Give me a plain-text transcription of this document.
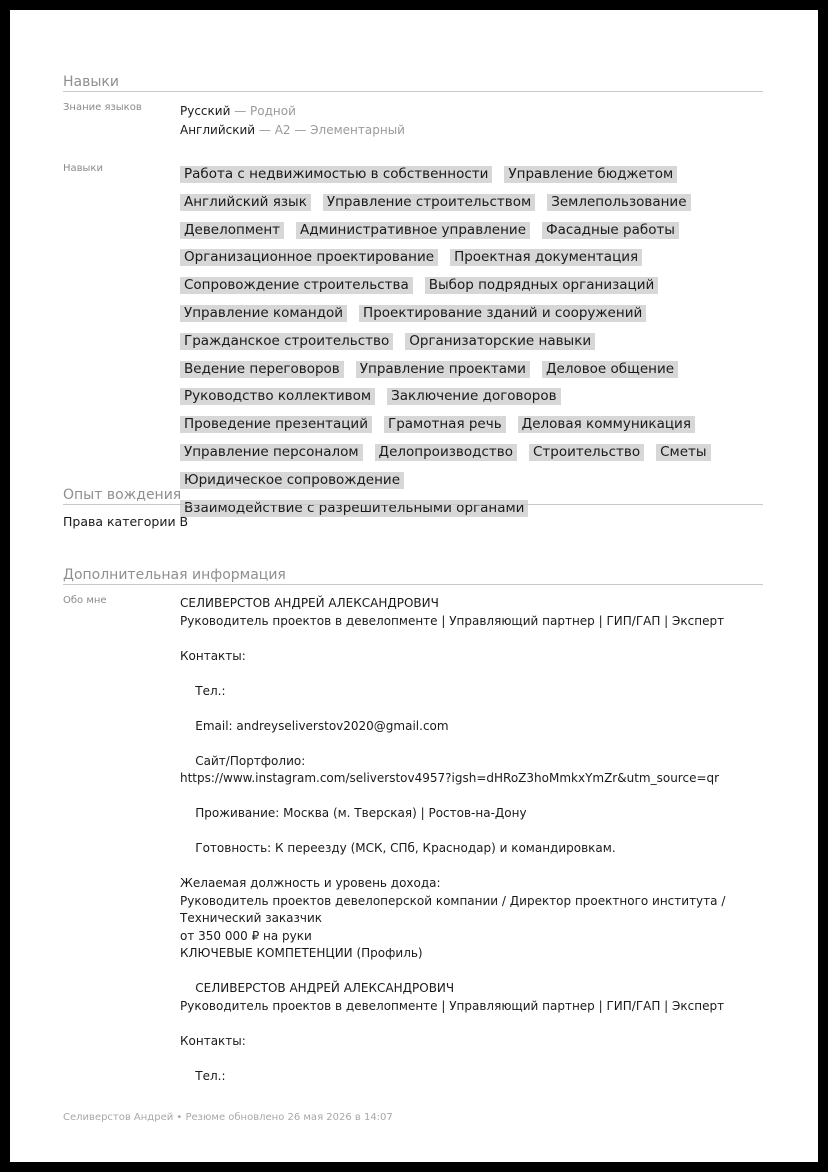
Навыки
Знание языков	Русский — Родной
Английский — A2 — Элементарный
Навыки	Работа с недвижимостью в собственности Управление бюджетомАнглийский язык Управление строительством ЗемлепользованиеДевелопмент Административное управление Фасадные работыОрганизационное проектирование Проектная документацияСопровождение строительства Выбор подрядных организацийУправление командой Проектирование зданий и сооруженийГражданское строительство Организаторские навыкиВедение переговоров Управление проектами Деловое общениеРуководство коллективом Заключение договоровПроведение презентаций Грамотная речь Деловая коммуникацияУправление персоналом Делопроизводство Строительство СметыЮридическое сопровождениеВзаимодействие с разрешительными органами
Опыт вождения
Права категории B
Дополнительная информация
Обо мне	СЕЛИВЕРСТОВ АНДРЕЙ АЛЕКСАНДРОВИЧ
Руководитель проектов в девелопменте | Управляющий партнер | ГИП/ГАП | Эксперт
Контакты:
Тел.:
Email: andreyseliverstov2020@gmail.com
Сайт/Портфолио:
https://www.instagram.com/seliverstov4957?igsh=dHRoZ3hoMmkxYmZr&utm_source=qr
Проживание: Москва (м. Тверская) | Ростов-на-Дону
Готовность: К переезду (МСК, СПб, Краснодар) и командировкам.
Желаемая должность и уровень дохода:
Руководитель проектов девелоперской компании / Директор проектного института /
Технический заказчик
от 350 000 ₽ на руки
КЛЮЧЕВЫЕ КОМПЕТЕНЦИИ (Профиль)
СЕЛИВЕРСТОВ АНДРЕЙ АЛЕКСАНДРОВИЧ
Руководитель проектов в девелопменте | Управляющий партнер | ГИП/ГАП | Эксперт
Контакты:
Тел.:
Селиверстов Андрей • Резюме обновлено 26 мая 2026 в 14:07
